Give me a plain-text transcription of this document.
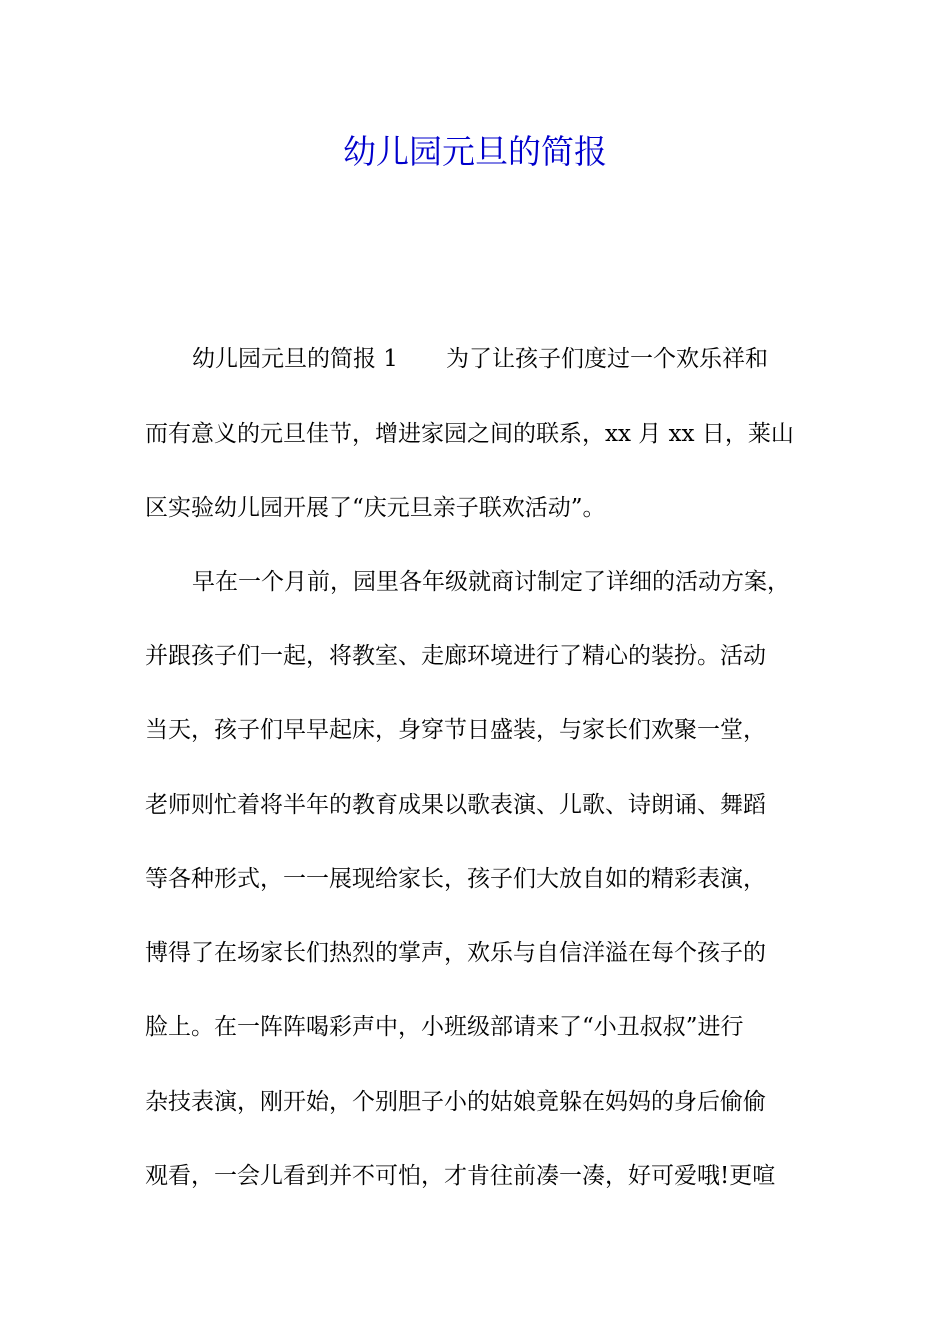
幼儿园元旦的简报
幼儿园元旦的简报 1 为了让孩子们度过一个欢乐祥和
而有意义的元旦佳节，增进家园之间的联系，xx 月 xx 日，莱山
区实验幼儿园开展了“庆元旦亲子联欢活动”。
早在一个月前，园里各年级就商讨制定了详细的活动方案，
并跟孩子们一起，将教室、走廊环境进行了精心的装扮。活动
当天，孩子们早早起床，身穿节日盛装，与家长们欢聚一堂，
老师则忙着将半年的教育成果以歌表演、儿歌、诗朗诵、舞蹈
等各种形式，一一展现给家长，孩子们大放自如的精彩表演，
博得了在场家长们热烈的掌声，欢乐与自信洋溢在每个孩子的
脸上。在一阵阵喝彩声中，小班级部请来了“小丑叔叔”进行
杂技表演，刚开始，个别胆子小的姑娘竟躲在妈妈的身后偷偷
观看，一会儿看到并不可怕，才肯往前凑一凑，好可爱哦!更喧
